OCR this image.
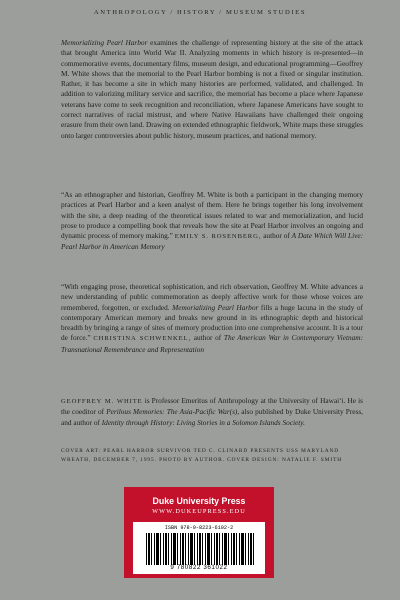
ANTHROPOLOGY / HISTORY / MUSEUM STUDIES

Memorializing Pearl Harbor examines the challenge of representing history at the site of the attack that brought America into World War II. Analyzing moments in which history is re-presented—in commemorative events, documentary films, museum design, and educational programming—Geoffrey M. White shows that the memorial to the Pearl Harbor bombing is not a fixed or singular institution. Rather, it has become a site in which many histories are performed, validated, and challenged. In addition to valorizing military service and sacrifice, the memorial has become a place where Japanese veterans have come to seek recognition and reconciliation, where Japanese Americans have sought to correct narratives of racial mistrust, and where Native Hawaiians have challenged their ongoing erasure from their own land. Drawing on extended ethnographic fieldwork, White maps these struggles onto larger controversies about public history, museum practices, and national memory.

“As an ethnographer and historian, Geoffrey M. White is both a participant in the changing memory practices at Pearl Harbor and a keen analyst of them. Here he brings together his long involvement with the site, a deep reading of the theoretical issues related to war and memorialization, and lucid prose to produce a compelling book that reveals how the site at Pearl Harbor involves an ongoing and dynamic process of memory making.” EMILY S. ROSENBERG, author of A Date Which Will Live: Pearl Harbor in American Memory

“With engaging prose, theoretical sophistication, and rich observation, Geoffrey M. White advances a new understanding of public commemoration as deeply affective work for those whose voices are remembered, forgotten, or excluded. Memorializing Pearl Harbor fills a huge lacuna in the study of contemporary American memory and breaks new ground in its ethnographic depth and historical breadth by bringing a range of sites of memory production into one comprehensive account. It is a tour de force.” CHRISTINA SCHWENKEL, author of The American War in Contemporary Vietnam: Transnational Remembrance and Representation

GEOFFREY M. WHITE is Professor Emeritus of Anthropology at the University of Hawai‘i. He is the coeditor of Perilous Memories: The Asia-Pacific War(s), also published by Duke University Press, and author of Identity through History: Living Stories in a Solomon Islands Society.

COVER ART: PEARL HARBOR SURVIVOR TED C. CLINARD PRESENTS USS MARYLAND WREATH, DECEMBER 7, 1995. PHOTO BY AUTHOR. COVER DESIGN: NATALIE F. SMITH
Duke University Press
WWW.DUKEUPRESS.EDU
ISBN 978-0-8223-6102-2
9 780822 361022
